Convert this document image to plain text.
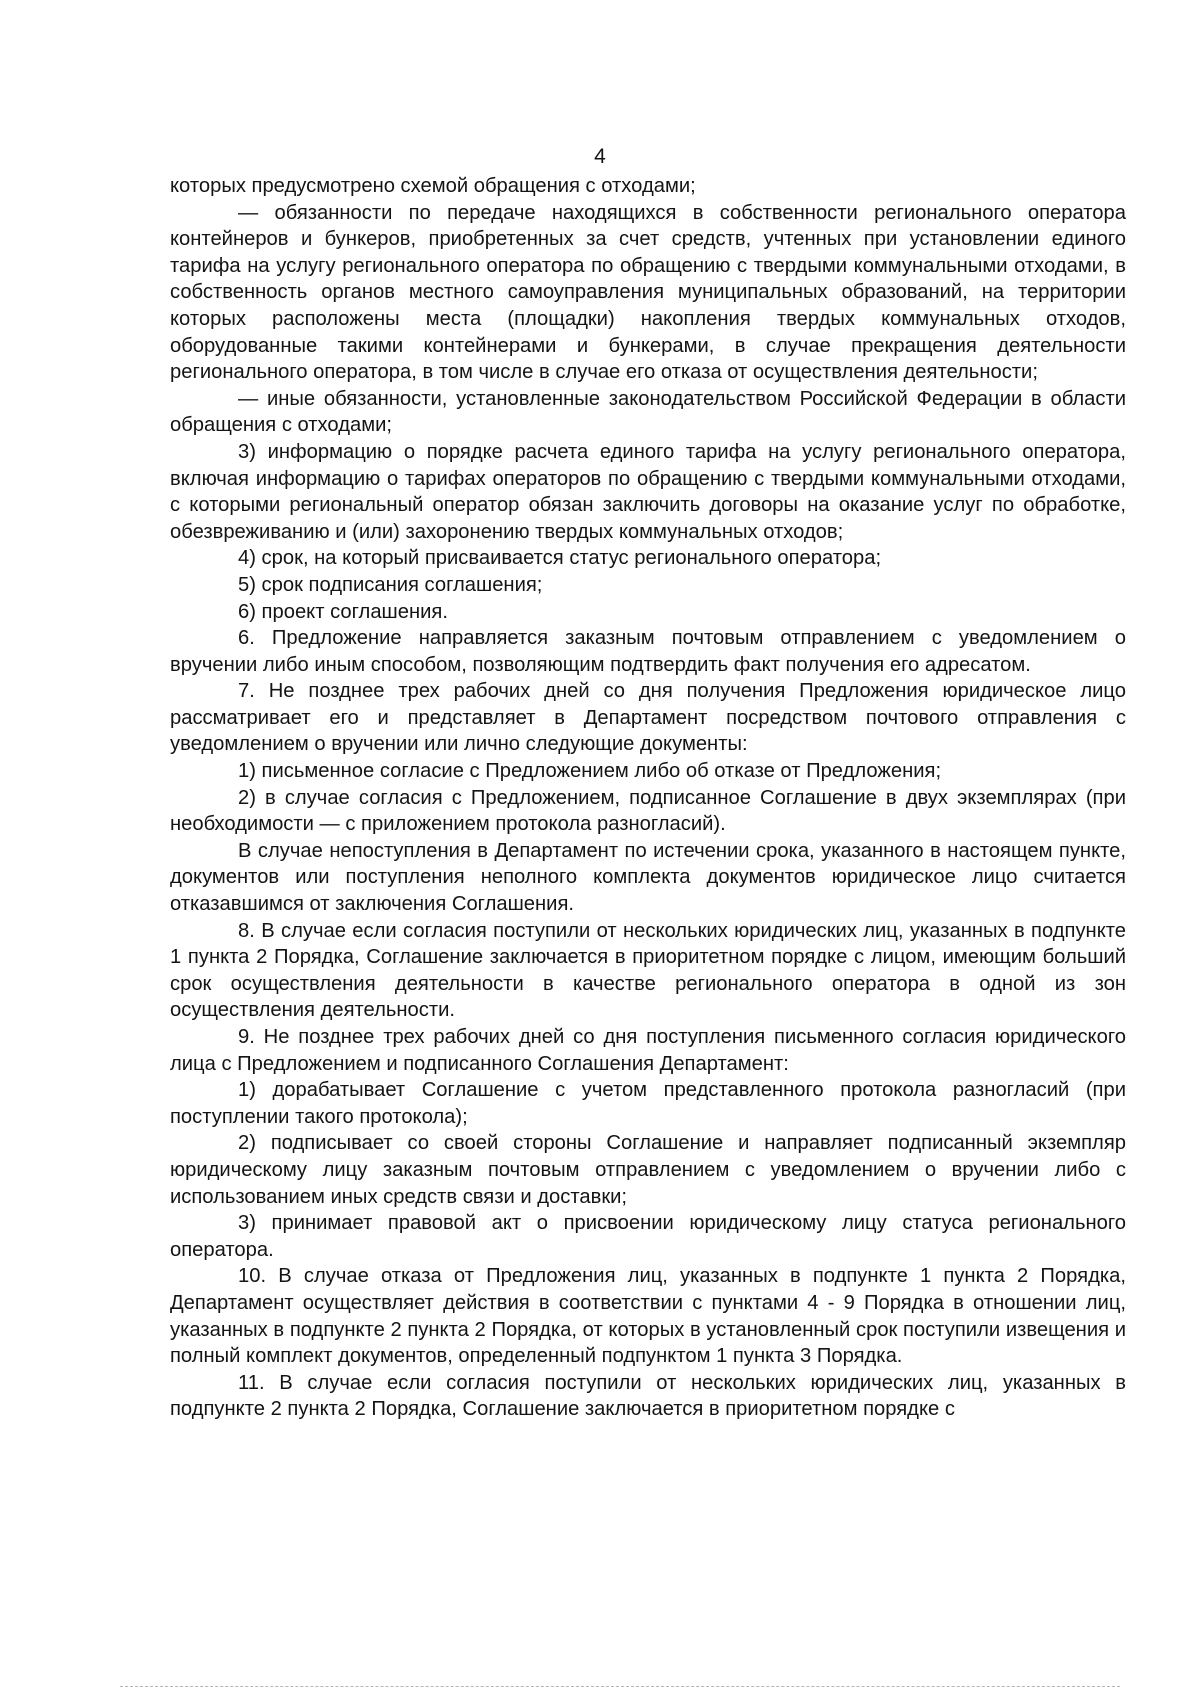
4

которых предусмотрено схемой обращения с отходами;

— обязанности по передаче находящихся в собственности регионального оператора контейнеров и бункеров, приобретенных за счет средств, учтенных при установлении единого тарифа на услугу регионального оператора по обращению с твердыми коммунальными отходами, в собственность органов местного самоуправления муниципальных образований, на территории которых расположены места (площадки) накопления твердых коммунальных отходов, оборудованные такими контейнерами и бункерами, в случае прекращения деятельности регионального оператора, в том числе в случае его отказа от осуществления деятельности;

— иные обязанности, установленные законодательством Российской Федерации в области обращения с отходами;

3) информацию о порядке расчета единого тарифа на услугу регионального оператора, включая информацию о тарифах операторов по обращению с твердыми коммунальными отходами, с которыми региональный оператор обязан заключить договоры на оказание услуг по обработке, обезвреживанию и (или) захоронению твердых коммунальных отходов;

4) срок, на который присваивается статус регионального оператора;

5) срок подписания соглашения;

6) проект соглашения.

6. Предложение направляется заказным почтовым отправлением с уведомлением о вручении либо иным способом, позволяющим подтвердить факт получения его адресатом.

7. Не позднее трех рабочих дней со дня получения Предложения юридическое лицо рассматривает его и представляет в Департамент посредством почтового отправления с уведомлением о вручении или лично следующие документы:

1) письменное согласие с Предложением либо об отказе от Предложения;

2) в случае согласия с Предложением, подписанное Соглашение в двух экземплярах (при необходимости — с приложением протокола разногласий).

В случае непоступления в Департамент по истечении срока, указанного в настоящем пункте, документов или поступления неполного комплекта документов юридическое лицо считается отказавшимся от заключения Соглашения.

8. В случае если согласия поступили от нескольких юридических лиц, указанных в подпункте 1 пункта 2 Порядка, Соглашение заключается в приоритетном порядке с лицом, имеющим больший срок осуществления деятельности в качестве регионального оператора в одной из зон осуществления деятельности.

9. Не позднее трех рабочих дней со дня поступления письменного согласия юридического лица с Предложением и подписанного Соглашения Департамент:

1) дорабатывает Соглашение с учетом представленного протокола разногласий (при поступлении такого протокола);

2) подписывает со своей стороны Соглашение и направляет подписанный экземпляр юридическому лицу заказным почтовым отправлением с уведомлением о вручении либо с использованием иных средств связи и доставки;

3) принимает правовой акт о присвоении юридическому лицу статуса регионального оператора.

10. В случае отказа от Предложения лиц, указанных в подпункте 1 пункта 2 Порядка, Департамент осуществляет действия в соответствии с пунктами 4 - 9 Порядка в отношении лиц, указанных в подпункте 2 пункта 2 Порядка, от которых в установленный срок поступили извещения и полный комплект документов, определенный подпунктом 1 пункта 3 Порядка.

11. В случае если согласия поступили от нескольких юридических лиц, указанных в подпункте 2 пункта 2 Порядка, Соглашение заключается в приоритетном порядке с
